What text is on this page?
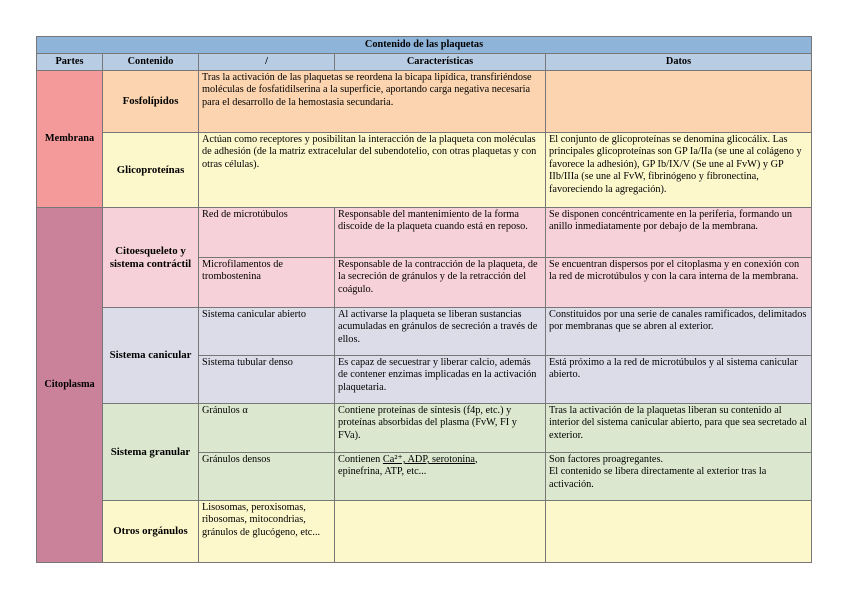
Contenido de las plaquetas				
Partes	Contenido	/	Características	Datos
Membrana	Fosfolípidos	Tras la activación de las plaquetas se reordena la bicapa lipídica, transfiriéndose moléculas de fosfatidilserina a la superficie, aportando carga negativa necesaria para el desarrollo de la hemostasia secundaria.		
	Glicoproteínas	Actúan como receptores y posibilitan la interacción de la plaqueta con moléculas de adhesión (de la matriz extracelular del subendotelio, con otras plaquetas y con otras células).		El conjunto de glicoproteínas se denomina glicocálix. Las principales glicoproteínas son GP Ia/IIa (se une al colágeno y favorece la adhesión), GP Ib/IX/V (Se une al FvW) y GP IIb/IIIa (se une al FvW, fibrinógeno y fibronectina, favoreciendo la agregación).
Citoplasma	Citoesqueleto y sistema contráctil	Red de microtúbulos	Responsable del mantenimiento de la forma discoide de la plaqueta cuando está en reposo.	Se disponen concéntricamente en la periferia, formando un anillo inmediatamente por debajo de la membrana.
		Microfilamentos de trombostenina	Responsable de la contracción de la plaqueta, de la secreción de gránulos y de la retracción del coágulo.	Se encuentran dispersos por el citoplasma y en conexión con la red de microtúbulos y con la cara interna de la membrana.
	Sistema canicular	Sistema canicular abierto	Al activarse la plaqueta se liberan sustancias acumuladas en gránulos de secreción a través de ellos.	Constituidos por una serie de canales ramificados, delimitados por membranas que se abren al exterior.
		Sistema tubular denso	Es capaz de secuestrar y liberar calcio, además de contener enzimas implicadas en la activación plaquetaria.	Está próximo a la red de microtúbulos y al sistema canicular abierto.
	Sistema granular	Gránulos α	Contiene proteínas de síntesis (f4p, etc.) y proteínas absorbidas del plasma (FvW, FI y FVa).	Tras la activación de la plaquetas liberan su contenido al interior del sistema canicular abierto, para que sea secretado al exterior.
		Gránulos densos	Contienen Ca²⁺, ADP, serotonina,
epinefrina, ATP, etc...	Son factores proagregantes.
El contenido se libera directamente al exterior tras la activación.
	Otros orgánulos	Lisosomas, peroxisomas, ribosomas, mitocondrias, gránulos de glucógeno, etc...		
